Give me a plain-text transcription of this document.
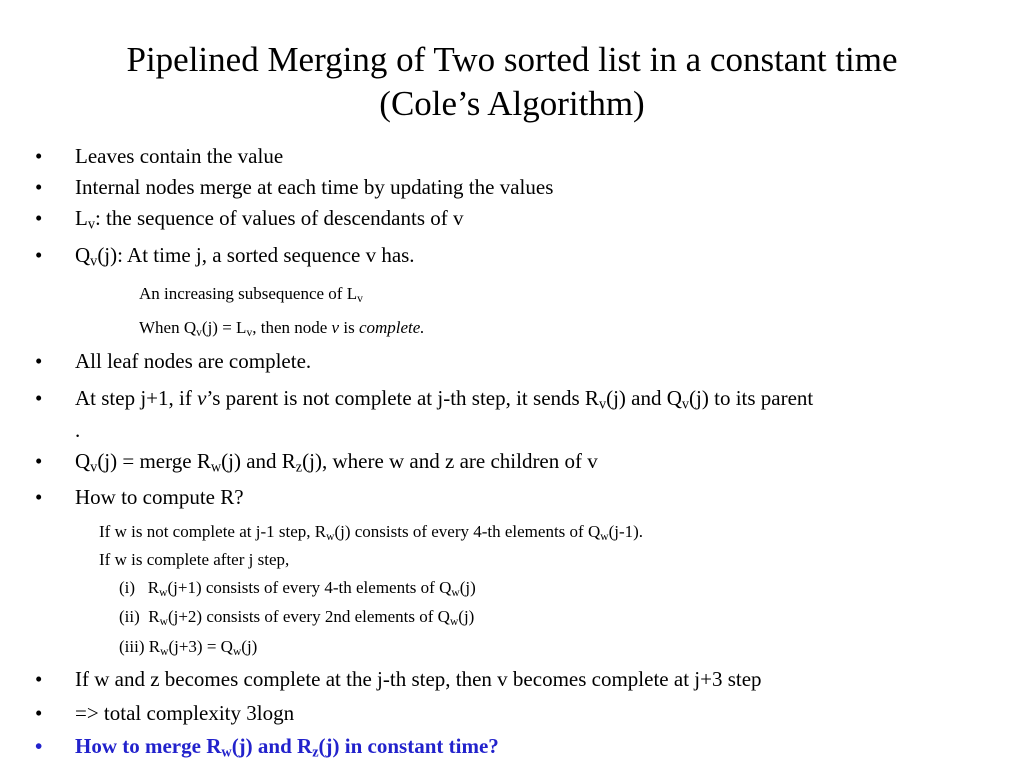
Pipelined Merging of Two sorted list in a constant time
(Cole’s Algorithm)
• Leaves contain the value
• Internal nodes merge at each time by updating the values
• $L_v$: the sequence of values of descendants of v
• $Q_v(j)$: At time j, a sorted sequence v has.
An increasing subsequence of $L_v$
When $Q_v(j) = L_v$, then node v is complete.
• All leaf nodes are complete.
• At step j+1, if v’s parent is not complete at j-th step, it sends $R_v(j)$ and $Q_v(j)$ to its parent
.
• $Q_v(j)$ = merge $R_w(j)$ and $R_z(j)$, where w and z are children of v
• How to compute R?
If w is not complete at j-1 step, $R_w(j)$ consists of every 4-th elements of $Q_w(j-1)$.
If w is complete after j step,
(i)   $R_w(j+1)$ consists of every 4-th elements of $Q_w(j)$
(ii)  $R_w(j+2)$ consists of every 2nd elements of $Q_w(j)$
(iii) $R_w(j+3) = Q_w(j)$
• If w and z becomes complete at the j-th step, then v becomes complete at j+3 step
• => total complexity 3logn
• How to merge $R_w(j)$ and $R_z(j)$ in constant time?
